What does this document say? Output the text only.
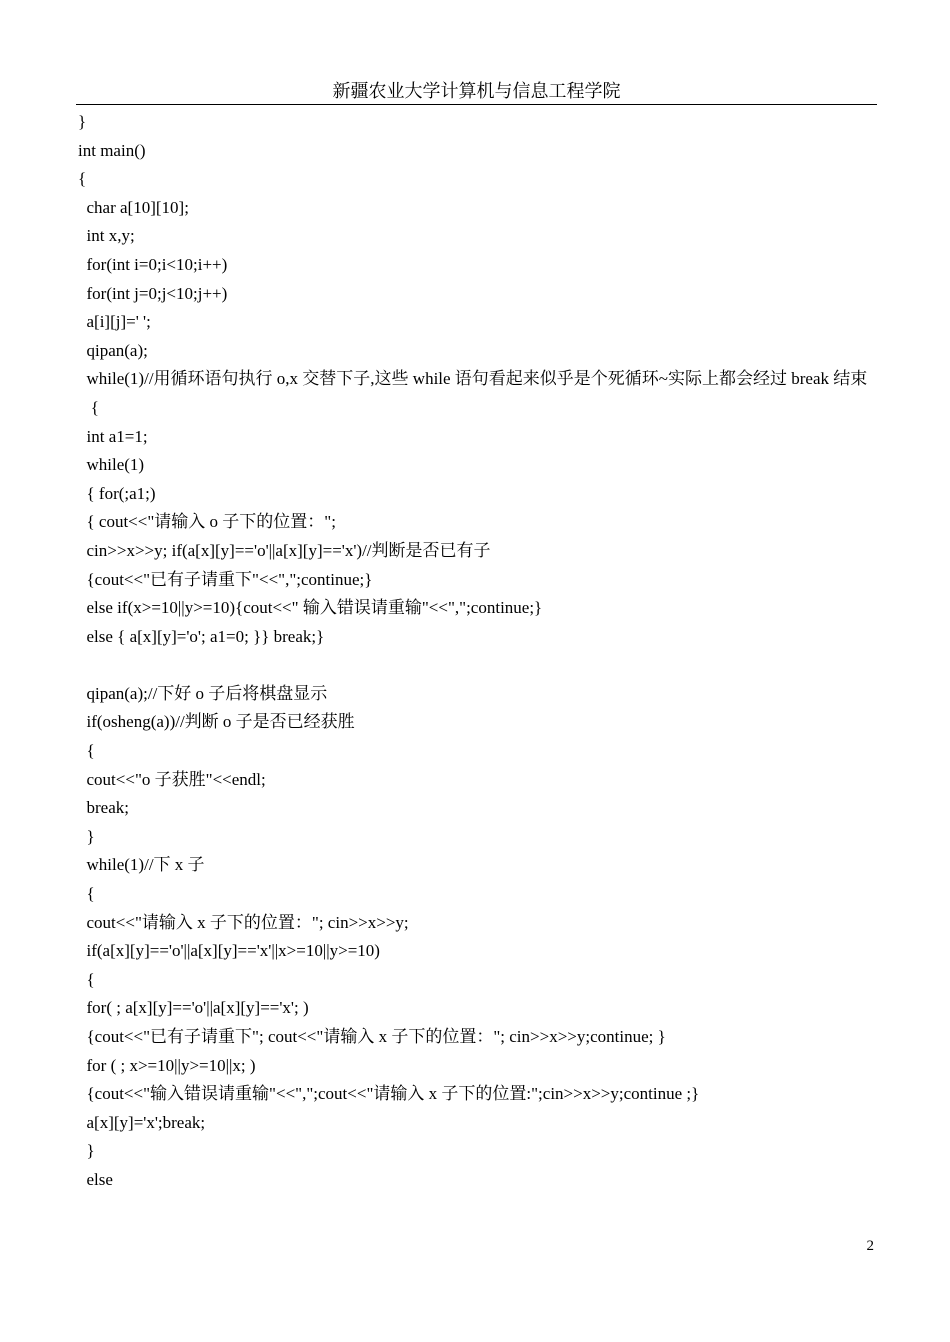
新疆农业大学计算机与信息工程学院
}
int main()
{
char a[10][10];
int x,y;
for(int i=0;i<10;i++)
for(int j=0;j<10;j++)
a[i][j]=' ';
qipan(a);
while(1)//用循环语句执行 o,x 交替下子,这些 while 语句看起来似乎是个死循环~实际上都会经过 break 结束
{
int a1=1;
while(1)
{ for(;a1;)
{ cout<<"请输入 o 子下的位置：";
cin>>x>>y; if(a[x][y]=='o'||a[x][y]=='x')//判断是否已有子
{cout<<"已有子请重下"<<",";continue;}
else if(x>=10||y>=10){cout<<" 输入错误请重输"<<",";continue;}
else { a[x][y]='o'; a1=0; }} break;}
qipan(a);//下好 o 子后将棋盘显示
if(osheng(a))//判断 o 子是否已经获胜
{
cout<<"o 子获胜"<<endl;
break;
}
while(1)//下 x 子
{
cout<<"请输入 x 子下的位置："; cin>>x>>y;
if(a[x][y]=='o'||a[x][y]=='x'||x>=10||y>=10)
{
for( ; a[x][y]=='o'||a[x][y]=='x'; )
{cout<<"已有子请重下"; cout<<"请输入 x 子下的位置："; cin>>x>>y;continue; }
for ( ; x>=10||y>=10||x; )
{cout<<"输入错误请重输"<<",";cout<<"请输入 x 子下的位置:";cin>>x>>y;continue ;}
a[x][y]='x';break;
}
else
2
